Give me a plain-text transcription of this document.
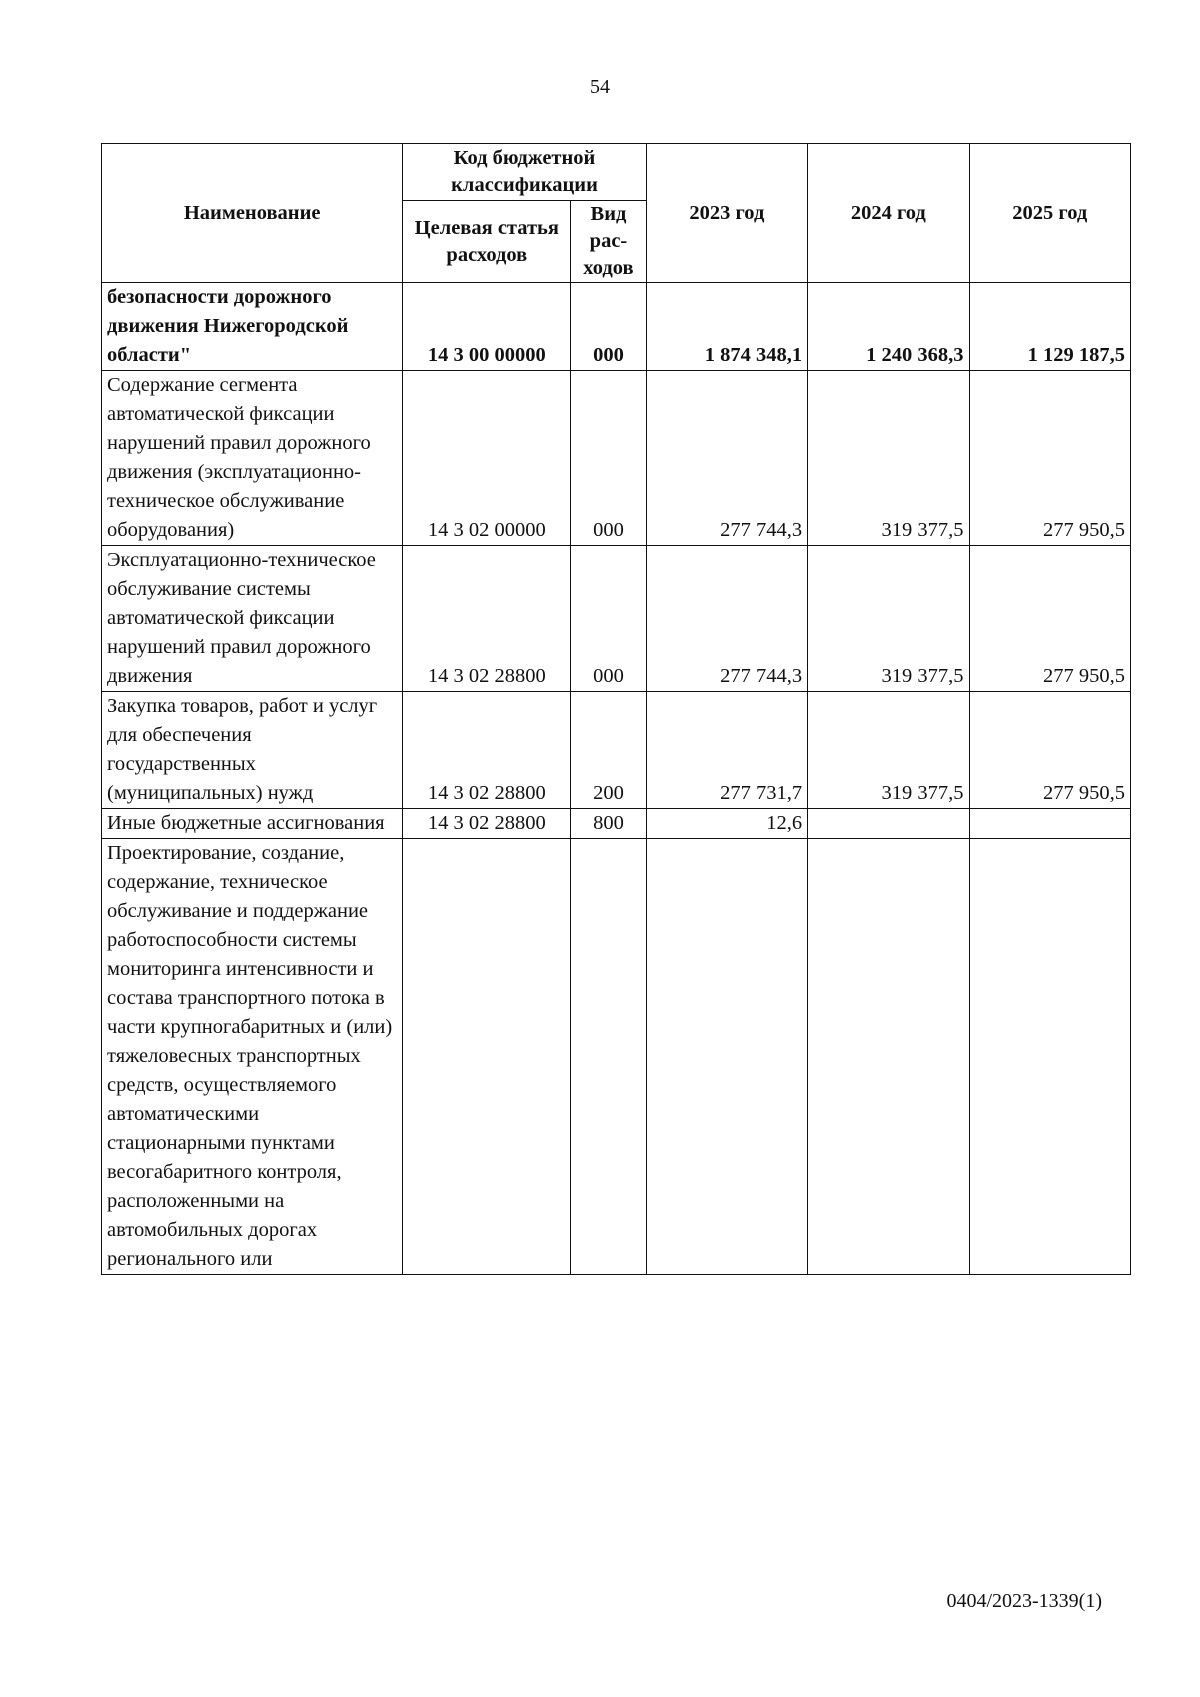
54
Наименование	Код бюджетной классификации		2023 год	2024 год	2025 год
	Целевая статья расходов	Вид рас-ходов			
безопасности дорожного движения Нижегородской области"	14 3 00 00000	000	1 874 348,1	1 240 368,3	1 129 187,5
Содержание сегмента автоматической фиксации нарушений правил дорожного движения (эксплуатационно-техническое обслуживание оборудования)	14 3 02 00000	000	277 744,3	319 377,5	277 950,5
Эксплуатационно-техническое обслуживание системы автоматической фиксации нарушений правил дорожного движения	14 3 02 28800	000	277 744,3	319 377,5	277 950,5
Закупка товаров, работ и услуг для обеспечения государственных (муниципальных) нужд	14 3 02 28800	200	277 731,7	319 377,5	277 950,5
Иные бюджетные ассигнования	14 3 02 28800	800	12,6		
Проектирование, создание, содержание, техническое обслуживание и поддержание работоспособности системы мониторинга интенсивности и состава транспортного потока в части крупногабаритных и (или) тяжеловесных транспортных средств, осуществляемого автоматическими стационарными пунктами весогабаритного контроля, расположенными на автомобильных дорогах регионального или					
0404/2023-1339(1)
